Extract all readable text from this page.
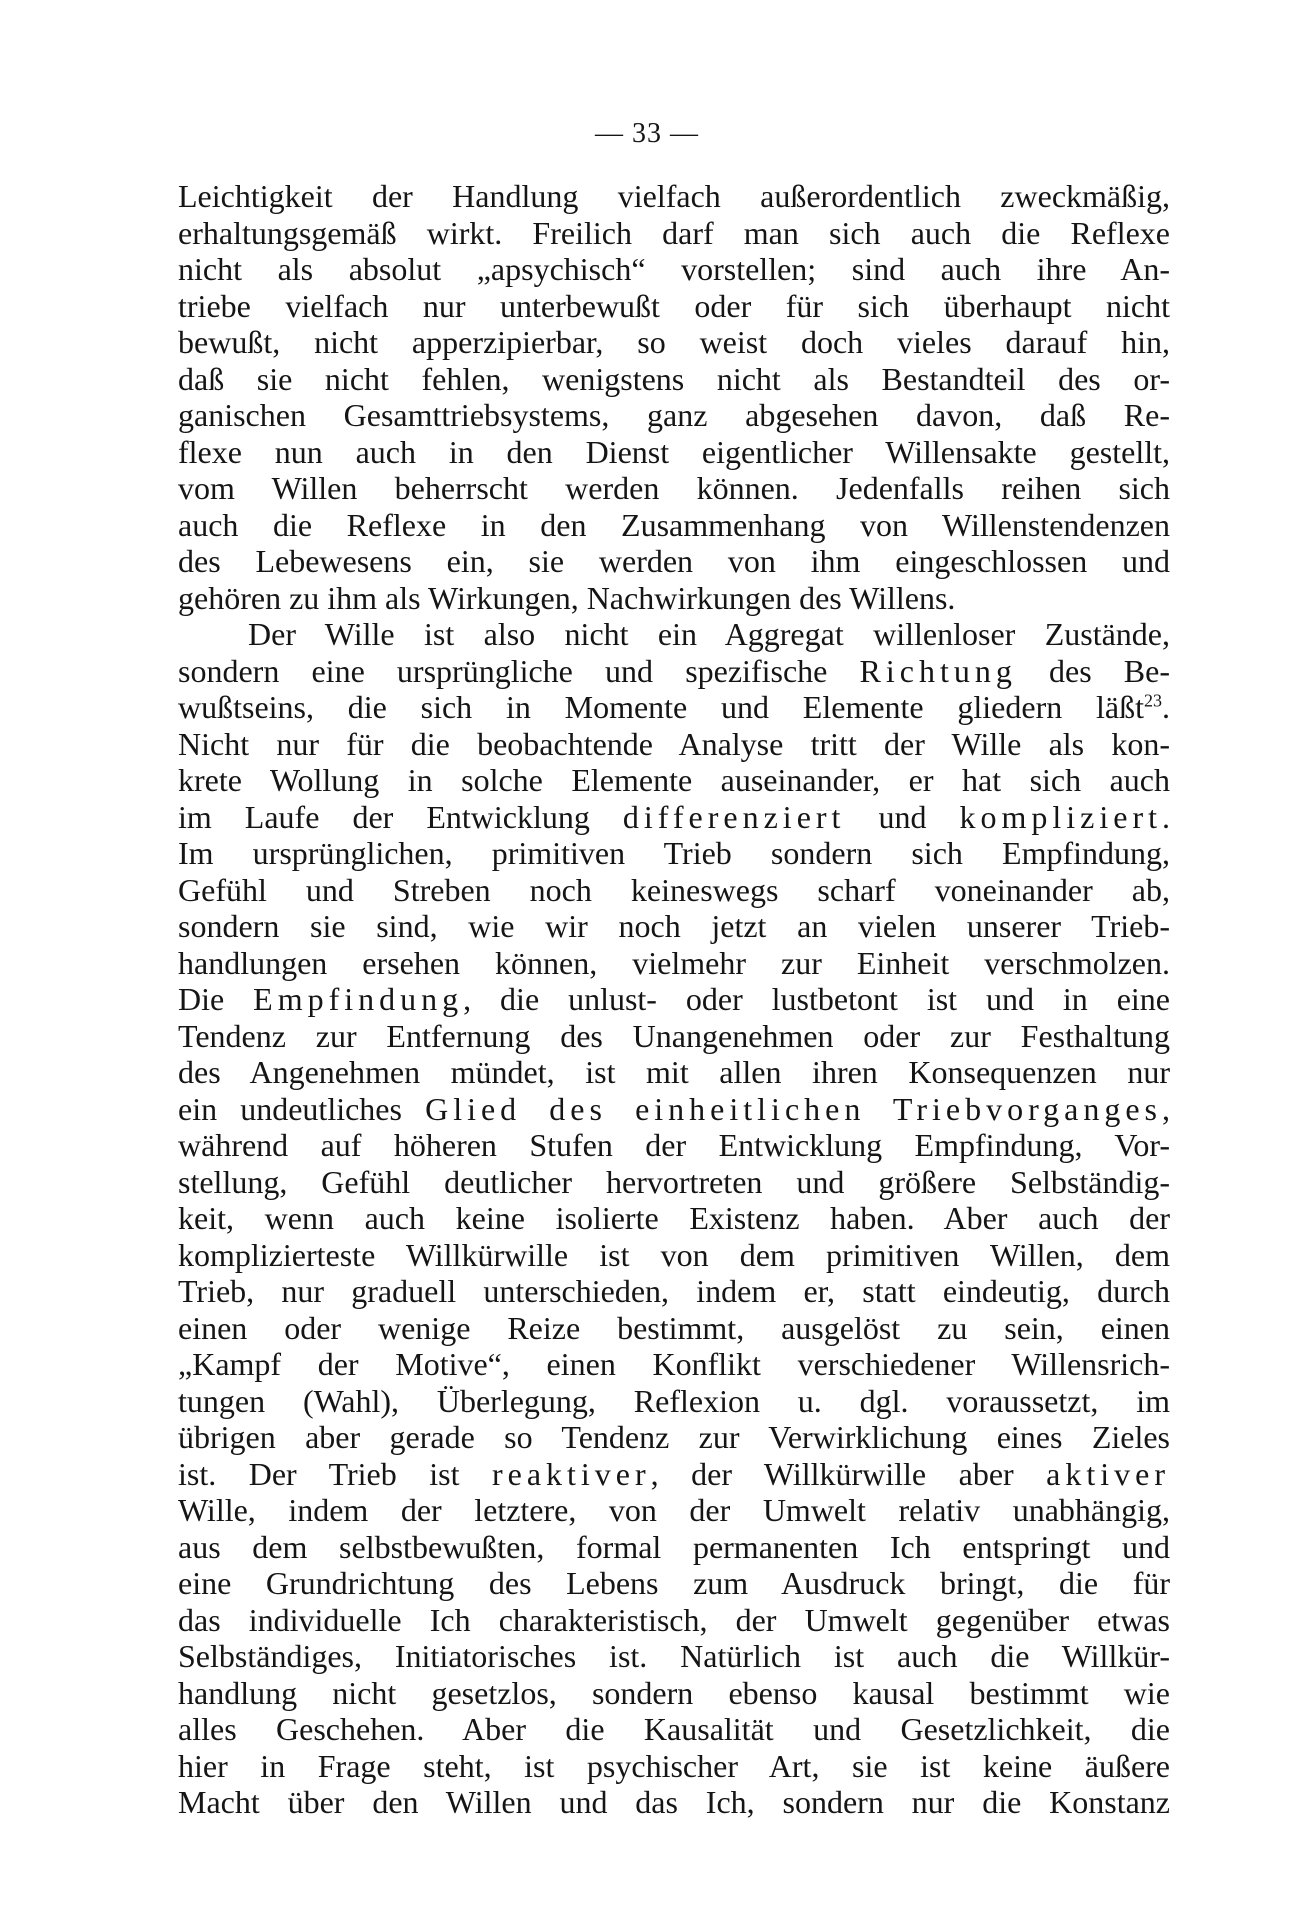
— 33 —
Leichtigkeit der Handlung vielfach außerordentlich zweckmäßig,
erhaltungsgemäß wirkt. Freilich darf man sich auch die Reflexe
nicht als absolut „apsychisch“ vorstellen; sind auch ihre An-
triebe vielfach nur unterbewußt oder für sich überhaupt nicht
bewußt, nicht apperzipierbar, so weist doch vieles darauf hin,
daß sie nicht fehlen, wenigstens nicht als Bestandteil des or-
ganischen Gesamttriebsystems, ganz abgesehen davon, daß Re-
flexe nun auch in den Dienst eigentlicher Willensakte gestellt,
vom Willen beherrscht werden können. Jedenfalls reihen sich
auch die Reflexe in den Zusammenhang von Willenstendenzen
des Lebewesens ein, sie werden von ihm eingeschlossen und
gehören zu ihm als Wirkungen, Nachwirkungen des Willens.
Der Wille ist also nicht ein Aggregat willenloser Zustände,
sondern eine ursprüngliche und spezifische Richtung des Be-
wußtseins, die sich in Momente und Elemente gliedern läßt$^{23}$.
Nicht nur für die beobachtende Analyse tritt der Wille als kon-
krete Wollung in solche Elemente auseinander, er hat sich auch
im Laufe der Entwicklung differenziert und kompliziert.
Im ursprünglichen, primitiven Trieb sondern sich Empfindung,
Gefühl und Streben noch keineswegs scharf voneinander ab,
sondern sie sind, wie wir noch jetzt an vielen unserer Trieb-
handlungen ersehen können, vielmehr zur Einheit verschmolzen.
Die Empfindung, die unlust- oder lustbetont ist und in eine
Tendenz zur Entfernung des Unangenehmen oder zur Festhaltung
des Angenehmen mündet, ist mit allen ihren Konsequenzen nur
ein undeutliches Glied des einheitlichen Triebvorganges,
während auf höheren Stufen der Entwicklung Empfindung, Vor-
stellung, Gefühl deutlicher hervortreten und größere Selbständig-
keit, wenn auch keine isolierte Existenz haben. Aber auch der
komplizierteste Willkürwille ist von dem primitiven Willen, dem
Trieb, nur graduell unterschieden, indem er, statt eindeutig, durch
einen oder wenige Reize bestimmt, ausgelöst zu sein, einen
„Kampf der Motive“, einen Konflikt verschiedener Willensrich-
tungen (Wahl), Überlegung, Reflexion u. dgl. voraussetzt, im
übrigen aber gerade so Tendenz zur Verwirklichung eines Zieles
ist. Der Trieb ist reaktiver, der Willkürwille aber aktiver
Wille, indem der letztere, von der Umwelt relativ unabhängig,
aus dem selbstbewußten, formal permanenten Ich entspringt und
eine Grundrichtung des Lebens zum Ausdruck bringt, die für
das individuelle Ich charakteristisch, der Umwelt gegenüber etwas
Selbständiges, Initiatorisches ist. Natürlich ist auch die Willkür-
handlung nicht gesetzlos, sondern ebenso kausal bestimmt wie
alles Geschehen. Aber die Kausalität und Gesetzlichkeit, die
hier in Frage steht, ist psychischer Art, sie ist keine äußere
Macht über den Willen und das Ich, sondern nur die Konstanz
